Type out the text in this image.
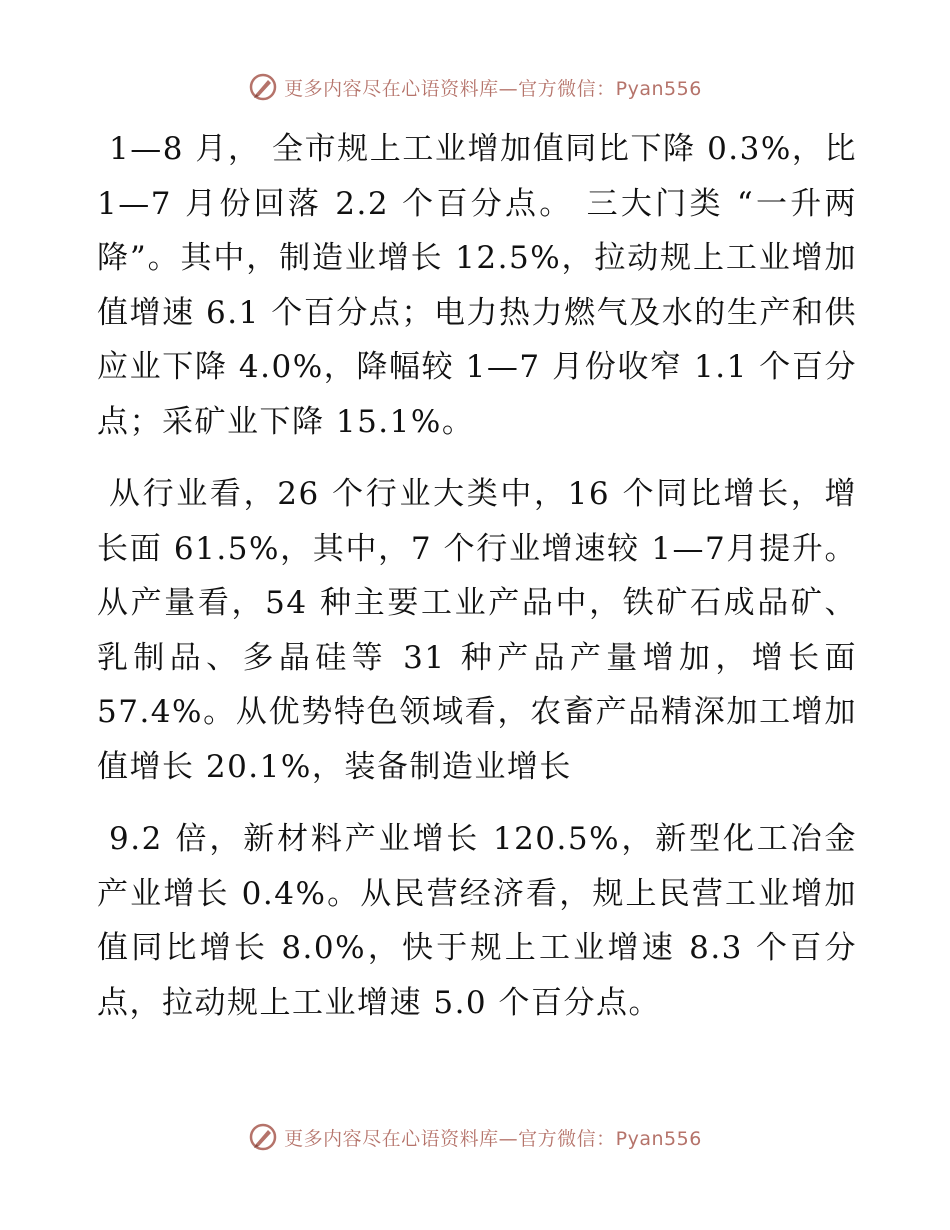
更多内容尽在心语资料库—官方微信：Pyan556

1—8 月， 全市规上工业增加值同比下降 0.3%，比 1—7 月份回落 2.2 个百分点。 三大门类 “一升两降”。其中，制造业增长 12.5%，拉动规上工业增加值增速 6.1 个百分点；电力热力燃气及水的生产和供应业下降 4.0%，降幅较 1—7 月份收窄 1.1 个百分点；采矿业下降 15.1%。

从行业看，26 个行业大类中，16 个同比增长，增长面 61.5%，其中，7 个行业增速较 1—7月提升。从产量看，54 种主要工业产品中，铁矿石成品矿、乳制品、多晶硅等 31 种产品产量增加，增长面 57.4%。从优势特色领域看，农畜产品精深加工增加值增长 20.1%，装备制造业增长

9.2 倍，新材料产业增长 120.5%，新型化工冶金产业增长 0.4%。从民营经济看，规上民营工业增加值同比增长 8.0%，快于规上工业增速 8.3 个百分点，拉动规上工业增速 5.0 个百分点。

更多内容尽在心语资料库—官方微信：Pyan556
